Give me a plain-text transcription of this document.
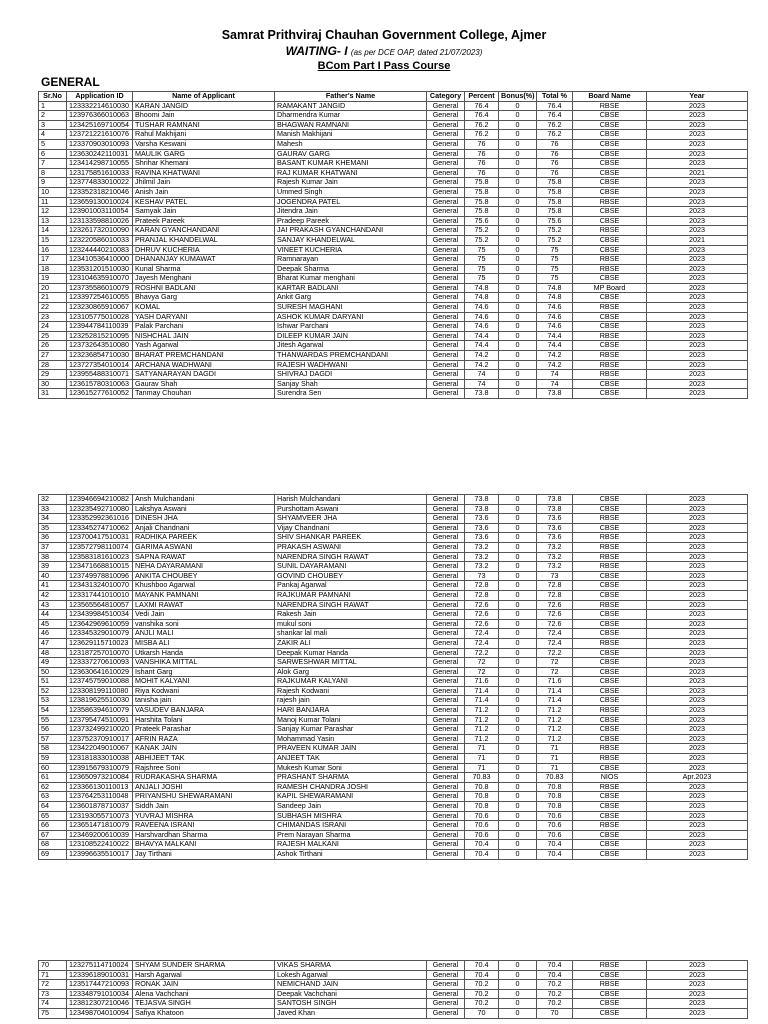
Samrat Prithviraj Chauhan Government College, Ajmer
WAITING- I (as per DCE OAP, dated 21/07/2023)
BCom Part I Pass Course
GENERAL
Sr.No	Application ID	Name of Applicant	Father's Name	Category	Percent	Bonus(%)	Total %	Board Name	Year
1	123332214610030	KARAN JANGID	RAMAKANT JANGID	General	76.4	0	76.4	RBSE	2023
2	123976366010063	Bhoomi Jain	Dharmendra Kumar	General	76.4	0	76.4	CBSE	2023
3	123425169710054	TUSHAR RAMNANI	BHAGWAN RAMNANI	General	76.2	0	76.2	CBSE	2023
4	123721221610076	Rahul Makhijani	Manish Makhijani	General	76.2	0	76.2	CBSE	2023
5	123370903010093	Varsha Keswani	Mahesh	General	76	0	76	CBSE	2023
6	123630242110031	MAULIK GARG	GAURAV GARG	General	76	0	76	CBSE	2023
7	123414298710055	Shrihar Khemani	BASANT KUMAR KHEMANI	General	76	0	76	CBSE	2023
8	123175851610033	RAVINA KHATWANI	RAJ KUMAR KHATWANI	General	76	0	76	CBSE	2021
9	123774833010022	Jhilmil Jain	Rajesh Kumar Jain	General	75.8	0	75.8	CBSE	2023
10	123352318210046	Anish Jain	Ummed Singh	General	75.8	0	75.8	CBSE	2023
11	123659130010024	KESHAV PATEL	JOGENDRA PATEL	General	75.8	0	75.8	RBSE	2023
12	123901003110054	Samyak Jain	Jitendra Jain	General	75.8	0	75.8	CBSE	2023
13	123133598810026	Prateek Pareek	Pradeep Pareek	General	75.6	0	75.6	CBSE	2023
14	123261732010090	KARAN GYANCHANDANI	JAI PRAKASH GYANCHANDANI	General	75.2	0	75.2	RBSE	2023
15	123220586010033	PRANJAL KHANDELWAL	SANJAY KHANDELWAL	General	75.2	0	75.2	CBSE	2021
16	123244440210083	DHRUV KUCHERIA	VINEET KUCHERIA	General	75	0	75	CBSE	2023
17	123410536410000	DHANANJAY KUMAWAT	Ramnarayan	General	75	0	75	RBSE	2023
18	123531201510030	Kunal Sharma	Deepak Sharma	General	75	0	75	RBSE	2023
19	123104635910070	Jayesh Menghani	Bharat Kumar menghani	General	75	0	75	CBSE	2023
20	123735586010079	ROSHNI BADLANI	KARTAR BADLANI	General	74.8	0	74.8	MP Board	2023
21	123397254610055	Bhavya Garg	Ankit Garg	General	74.8	0	74.8	CBSE	2023
22	123230865910067	KOMAL	SURESH MAGHANI	General	74.6	0	74.6	RBSE	2023
23	123105775010028	YASH DARYANI	ASHOK KUMAR DARYANI	General	74.6	0	74.6	CBSE	2023
24	123944784110039	Palak Parchani	Ishwar Parchani	General	74.6	0	74.6	CBSE	2023
25	123252815210095	NISHCHAL JAIN	DILEEP KUMAR JAIN	General	74.4	0	74.4	RBSE	2023
26	123732643510080	Yash Agarwal	Jitesh Agarwal	General	74.4	0	74.4	CBSE	2023
27	123236854710030	BHARAT PREMCHANDANI	THANWARDAS PREMCHANDANI	General	74.2	0	74.2	RBSE	2023
28	123727354010014	ARCHANA WADHWANI	RAJESH WADHWANI	General	74.2	0	74.2	RBSE	2023
29	123955488310071	SATYANARAYAN DAGDI	SHIVRAJ DAGDI	General	74	0	74	RBSE	2023
30	123615780310063	Gaurav Shah	Sanjay Shah	General	74	0	74	CBSE	2023
31	123615277610052	Tanmay Chouhan	Surendra Sen	General	73.8	0	73.8	CBSE	2023
32	123946694210082	Ansh Mulchandani	Harish Mulchandani	General	73.8	0	73.8	CBSE	2023
33	123235492710080	Lakshya Aswani	Purshottam Aswani	General	73.8	0	73.8	CBSE	2023
34	123352992361016	DINESH JHA	SHYAMVEER JHA	General	73.6	0	73.6	RBSE	2023
35	123345274710062	Anjali Chandnani	Vijay Chandnani	General	73.6	0	73.6	CBSE	2023
36	123700417510031	RADHIKA PAREEK	SHIV SHANKAR PAREEK	General	73.6	0	73.6	RBSE	2023
37	123572798110074	GARIMA ASWANI	PRAKASH ASWANI	General	73.2	0	73.2	RBSE	2023
38	123583181610023	SAPNA RAWAT	NARENDRA SINGH RAWAT	General	73.2	0	73.2	RBSE	2023
39	123471668810015	NEHA DAYARAMANI	SUNIL DAYARAMANI	General	73.2	0	73.2	RBSE	2023
40	123749978810096	ANKITA CHOUBEY	GOVIND CHOUBEY	General	73	0	73	CBSE	2023
41	123431324010070	Khushboo Agarwal	Pankaj Agarwal	General	72.8	0	72.8	CBSE	2023
42	123317441010010	MAYANK PAMNANI	RAJKUMAR PAMNANI	General	72.8	0	72.8	CBSE	2023
43	123565564810057	LAXMI RAWAT	NARENDRA SINGH RAWAT	General	72.6	0	72.6	RBSE	2023
44	123439984510034	Vedi Jain	Rakesh Jain	General	72.6	0	72.6	CBSE	2023
45	123642969610059	vanshika soni	mukul soni	General	72.6	0	72.6	CBSE	2023
46	123345329010079	ANJLI MALI	shankar lal mali	General	72.4	0	72.4	CBSE	2023
47	123629115710023	MISBA ALI	ZAKIR ALI	General	72.4	0	72.4	RBSE	2023
48	123187257010070	Utkarsh Handa	Deepak Kumar Handa	General	72.2	0	72.2	CBSE	2023
49	123337270610093	VANSHIKA MITTAL	SARWESHWAR MITTAL	General	72	0	72	CBSE	2023
50	123630641610029	Ishant Garg	Alok Garg	General	72	0	72	CBSE	2023
51	123745759010088	MOHIT KALYANI	RAJKUMAR KALYANI	General	71.6	0	71.6	CBSE	2023
52	123308199110080	Riya Kodwani	Rajesh Kodwani	General	71.4	0	71.4	CBSE	2023
53	123819625510030	tanisha jain	rajesh jain	General	71.4	0	71.4	CBSE	2023
54	123586394610079	VASUDEV BANJARA	HARI BANJARA	General	71.2	0	71.2	RBSE	2023
55	123795474510091	Harshita Tolani	Manoj Kumar Tolani	General	71.2	0	71.2	CBSE	2023
56	123732499210020	Prateek Parashar	Sanjay Kumar Parashar	General	71.2	0	71.2	CBSE	2023
57	123752370910017	AFRIN RAZA	Mohammad Yasin	General	71.2	0	71.2	CBSE	2023
58	123422049010067	KANAK JAIN	PRAVEEN KUMAR JAIN	General	71	0	71	RBSE	2023
59	123181833010038	ABHIJEET TAK	ANJEET TAK	General	71	0	71	RBSE	2023
60	123915679310079	Rajshree Soni	Mukesh Kumar Soni	General	71	0	71	CBSE	2023
61	123650973210084	RUDRAKASHA SHARMA	PRASHANT SHARMA	General	70.83	0	70.83	NIOS	Apr.2023
62	123366130110013	ANJALI JOSHI	RAMESH CHANDRA JOSHI	General	70.8	0	70.8	RBSE	2023
63	123764253110048	PRIYANSHU SHEWARAMANI	KAPIL SHEWARAMANI	General	70.8	0	70.8	CBSE	2023
64	123601878710037	Siddh Jain	Sandeep Jain	General	70.8	0	70.8	CBSE	2023
65	123193055710073	YUVRAJ MISHRA	SUBHASH MISHRA	General	70.6	0	70.6	CBSE	2023
66	123651471810079	RAVEENA ISRANI	CHIMANDAS ISRANI	General	70.6	0	70.6	RBSE	2023
67	123469200610039	Harshvardhan Sharma	Prem Narayan Sharma	General	70.6	0	70.6	CBSE	2023
68	123108522410022	BHAVYA MALKANI	RAJESH MALKANI	General	70.4	0	70.4	CBSE	2023
69	123996635510017	Jay Tirthani	Ashok Tirthani	General	70.4	0	70.4	CBSE	2023
70	123275114710024	SHYAM SUNDER SHARMA	VIKAS SHARMA	General	70.4	0	70.4	RBSE	2023
71	123396189010031	Harsh Agarwal	Lokesh Agarwal	General	70.4	0	70.4	CBSE	2023
72	123517447210093	RONAK JAIN	NEMICHAND JAIN	General	70.2	0	70.2	RBSE	2023
73	123348791010034	Alena Vachchani	Deepak Vachchani	General	70.2	0	70.2	CBSE	2023
74	123812307210046	TEJASVA SINGH	SANTOSH SINGH	General	70.2	0	70.2	CBSE	2023
75	123498704010094	Safiya Khatoon	Javed Khan	General	70	0	70	CBSE	2023
